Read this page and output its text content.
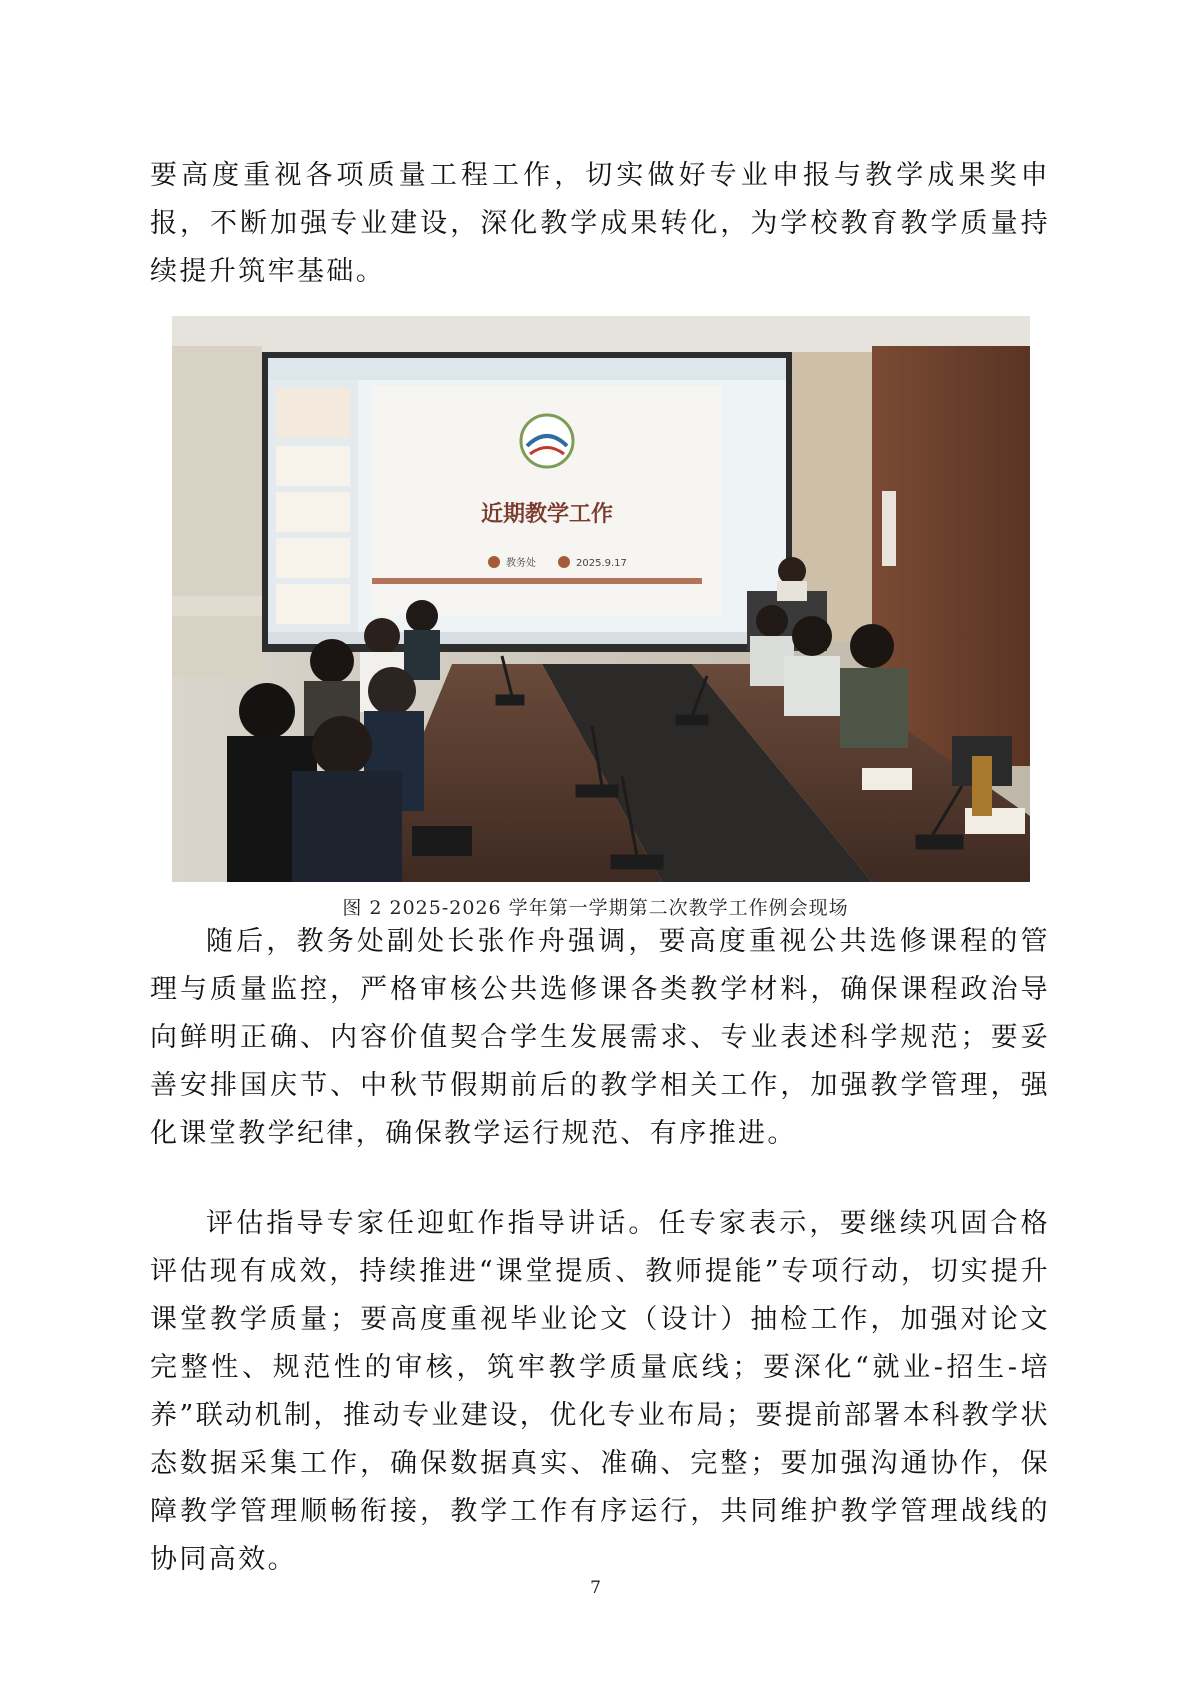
要高度重视各项质量工程工作，切实做好专业申报与教学成果奖申报，不断加强专业建设，深化教学成果转化，为学校教育教学质量持续提升筑牢基础。

近期教学工作
教务处	2025.9.17
图 2 2025-2026 学年第一学期第二次教学工作例会现场

随后，教务处副处长张作舟强调，要高度重视公共选修课程的管理与质量监控，严格审核公共选修课各类教学材料，确保课程政治导向鲜明正确、内容价值契合学生发展需求、专业表述科学规范；要妥善安排国庆节、中秋节假期前后的教学相关工作，加强教学管理，强化课堂教学纪律，确保教学运行规范、有序推进。

评估指导专家任迎虹作指导讲话。任专家表示，要继续巩固合格评估现有成效，持续推进“课堂提质、教师提能”专项行动，切实提升课堂教学质量；要高度重视毕业论文（设计）抽检工作，加强对论文完整性、规范性的审核，筑牢教学质量底线；要深化“就业-招生-培养”联动机制，推动专业建设，优化专业布局；要提前部署本科教学状态数据采集工作，确保数据真实、准确、完整；要加强沟通协作，保障教学管理顺畅衔接，教学工作有序运行，共同维护教学管理战线的协同高效。

7
